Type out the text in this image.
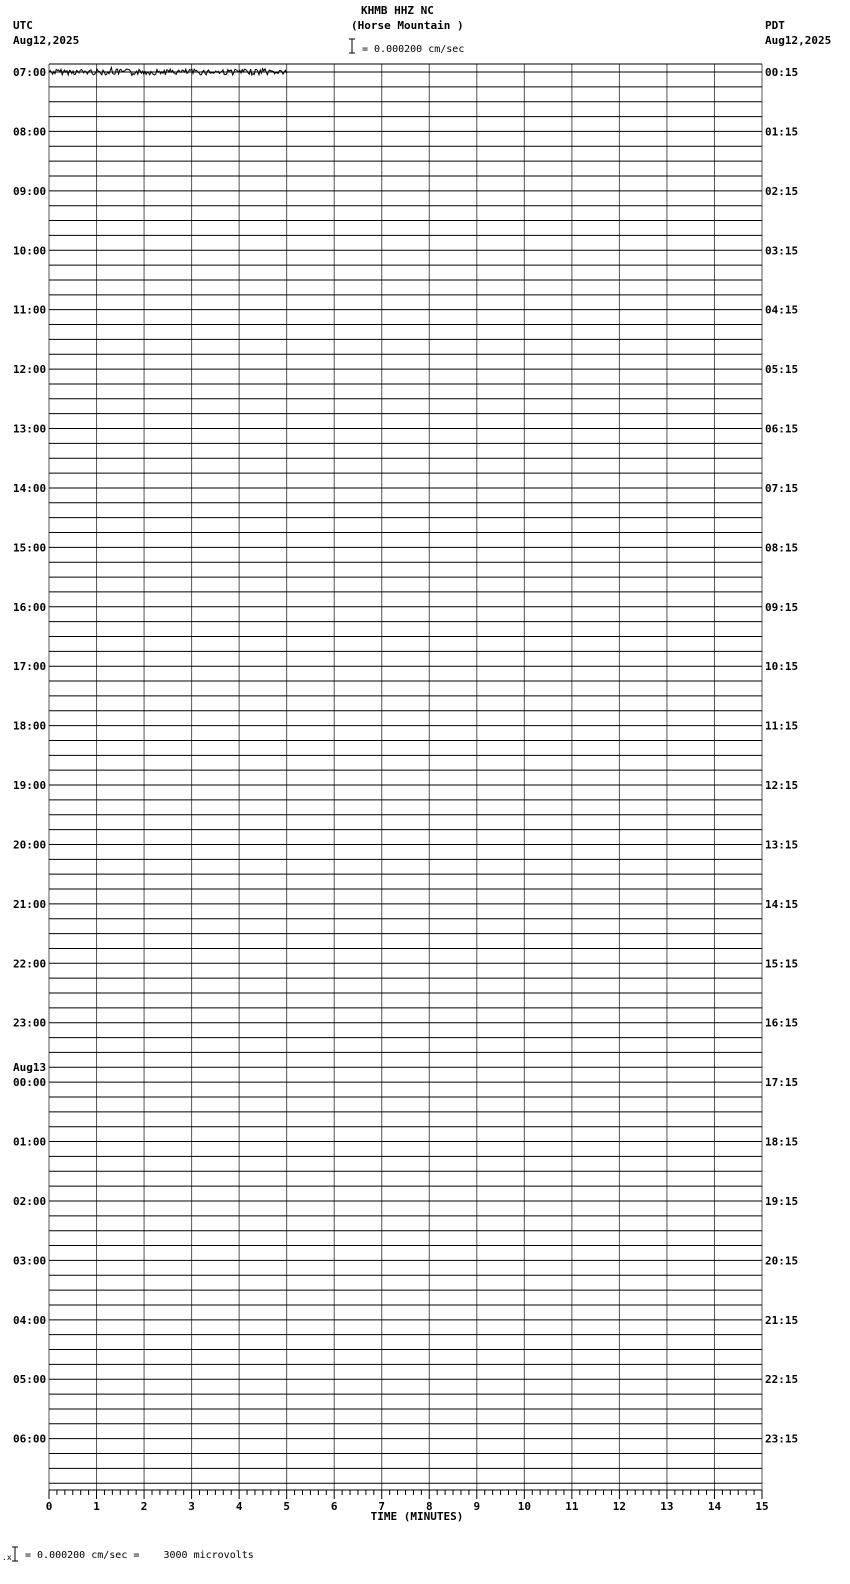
KHMB HHZ NC
(Horse Mountain )
UTC
Aug12,2025
PDT
Aug12,2025
= 0.000200 cm/sec
= 0.000200 cm/sec =    3000 microvolts
.x
07:00
08:00
09:00
10:00
11:00
12:00
13:00
14:00
15:00
16:00
17:00
18:00
19:00
20:00
21:00
22:00
23:00
00:00
Aug13
01:00
02:00
03:00
04:00
05:00
06:00
00:15
01:15
02:15
03:15
04:15
05:15
06:15
07:15
08:15
09:15
10:15
11:15
12:15
13:15
14:15
15:15
16:15
17:15
18:15
19:15
20:15
21:15
22:15
23:15
0	1	2	3	4	5	6	7	8	9	10	11	12	13	14	15
TIME (MINUTES)
